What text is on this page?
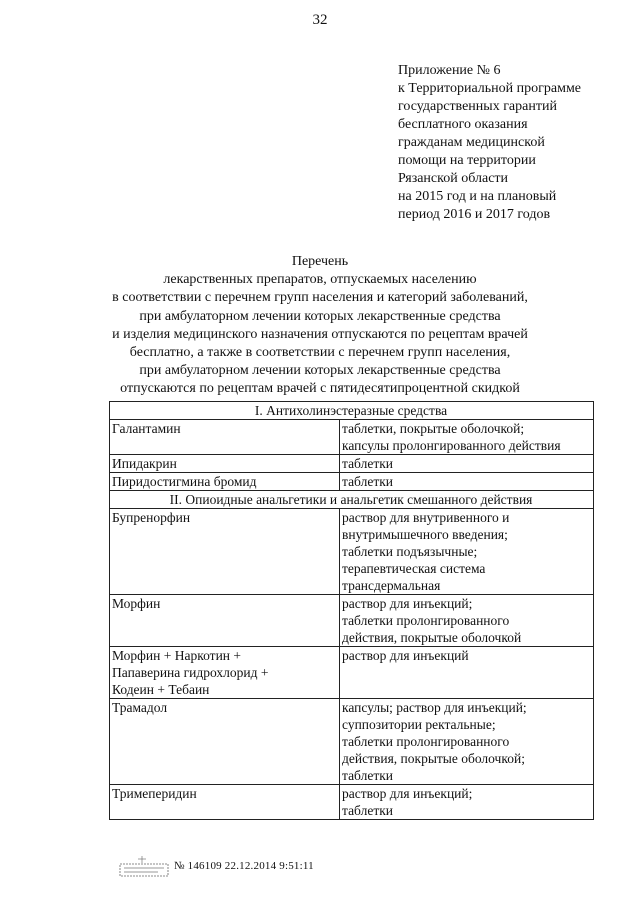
32
Приложение № 6
к Территориальной программе
государственных гарантий
бесплатного оказания
гражданам медицинской
помощи на территории
Рязанской области
на 2015 год и на плановый
период 2016 и 2017 годов
Перечень
лекарственных препаратов, отпускаемых населению
в соответствии с перечнем групп населения и категорий заболеваний,
при амбулаторном лечении которых лекарственные средства
и изделия медицинского назначения отпускаются по рецептам врачей
бесплатно, а также в соответствии с перечнем групп населения,
при амбулаторном лечении которых лекарственные средства
отпускаются по рецептам врачей с пятидесятипроцентной скидкой
I. Антихолинэстеразные средства	

Галантамин	таблетки, покрытые оболочкой;
капсулы пролонгированного действия

Ипидакрин	таблетки

Пиридостигмина бромид	таблетки

II. Опиоидные анальгетики и анальгетик смешанного действия	

Бупренорфин	раствор для внутривенного и
внутримышечного введения;
таблетки подъязычные;
терапевтическая система
трансдермальная

Морфин	раствор для инъекций;
таблетки пролонгированного
действия, покрытые оболочкой

Морфин + Наркотин +
Папаверина гидрохлорид +
Кодеин + Тебаин	раствор для инъекций

Трамадол	капсулы; раствор для инъекций;
суппозитории ректальные;
таблетки пролонгированного
действия, покрытые оболочкой;
таблетки

Тримеперидин	раствор для инъекций;
таблетки
№ 146109 22.12.2014 9:51:11
